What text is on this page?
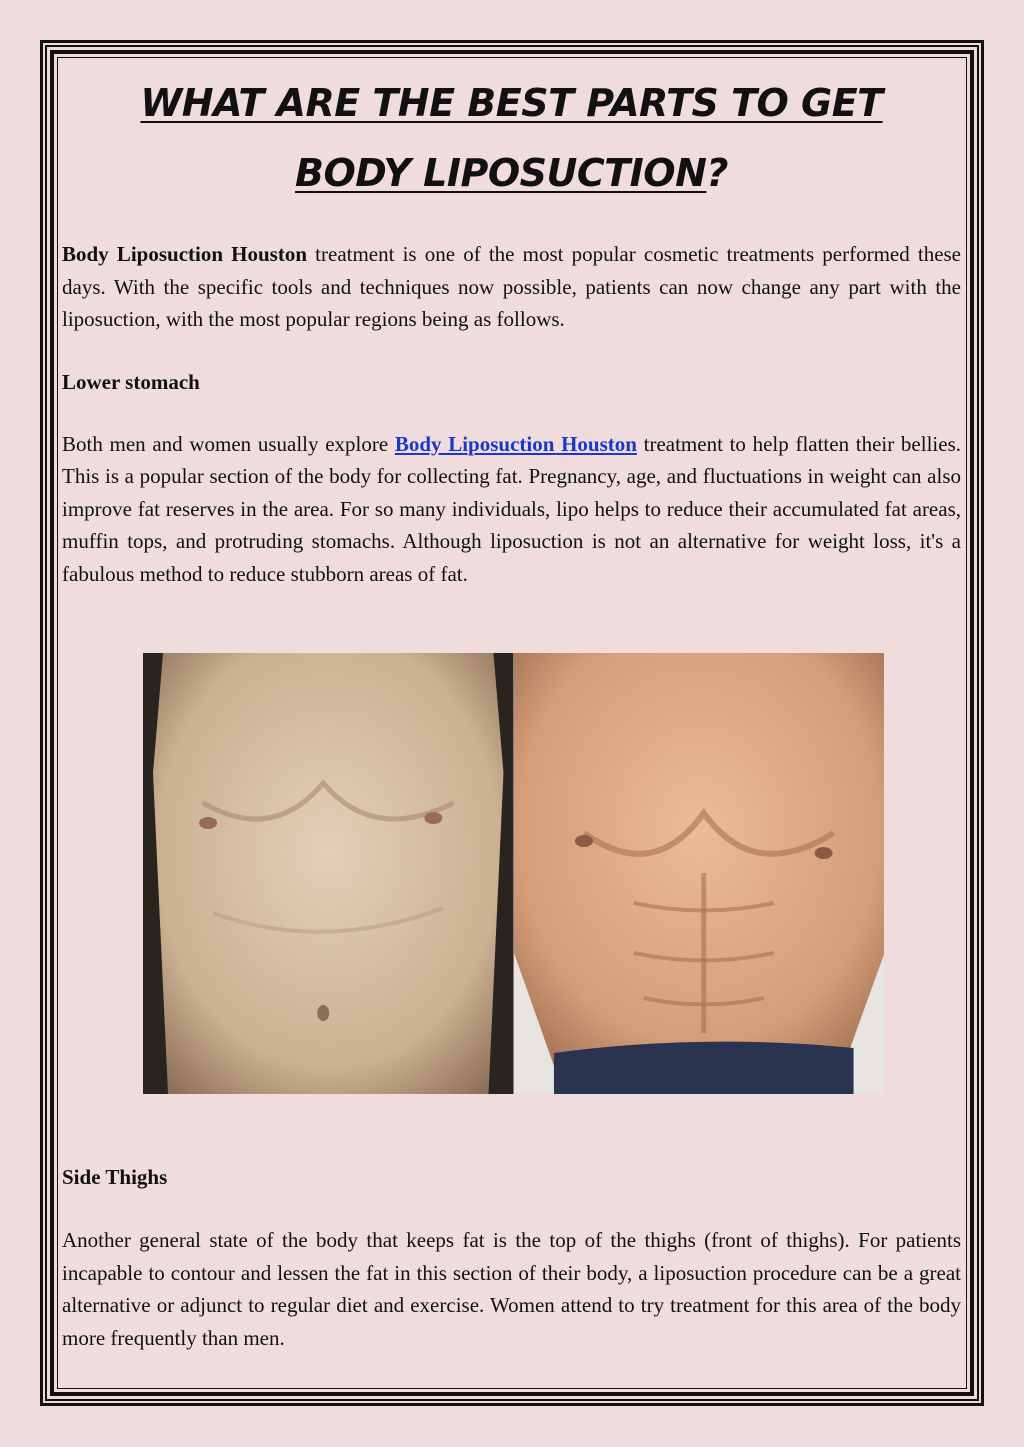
WHAT ARE THE BEST PARTS TO GET
BODY LIPOSUCTION?

Body Liposuction Houston treatment is one of the most popular cosmetic treatments performed these days. With the specific tools and techniques now possible, patients can now change any part with the liposuction, with the most popular regions being as follows.

Lower stomach

Both men and women usually explore Body Liposuction Houston treatment to help flatten their bellies. This is a popular section of the body for collecting fat. Pregnancy, age, and fluctuations in weight can also improve fat reserves in the area. For so many individuals, lipo helps to reduce their accumulated fat areas, muffin tops, and protruding stomachs. Although liposuction is not an alternative for weight loss, it's a fabulous method to reduce stubborn areas of fat.

Side Thighs

Another general state of the body that keeps fat is the top of the thighs (front of thighs). For patients incapable to contour and lessen the fat in this section of their body, a liposuction procedure can be a great alternative or adjunct to regular diet and exercise. Women attend to try treatment for this area of the body more frequently than men.
